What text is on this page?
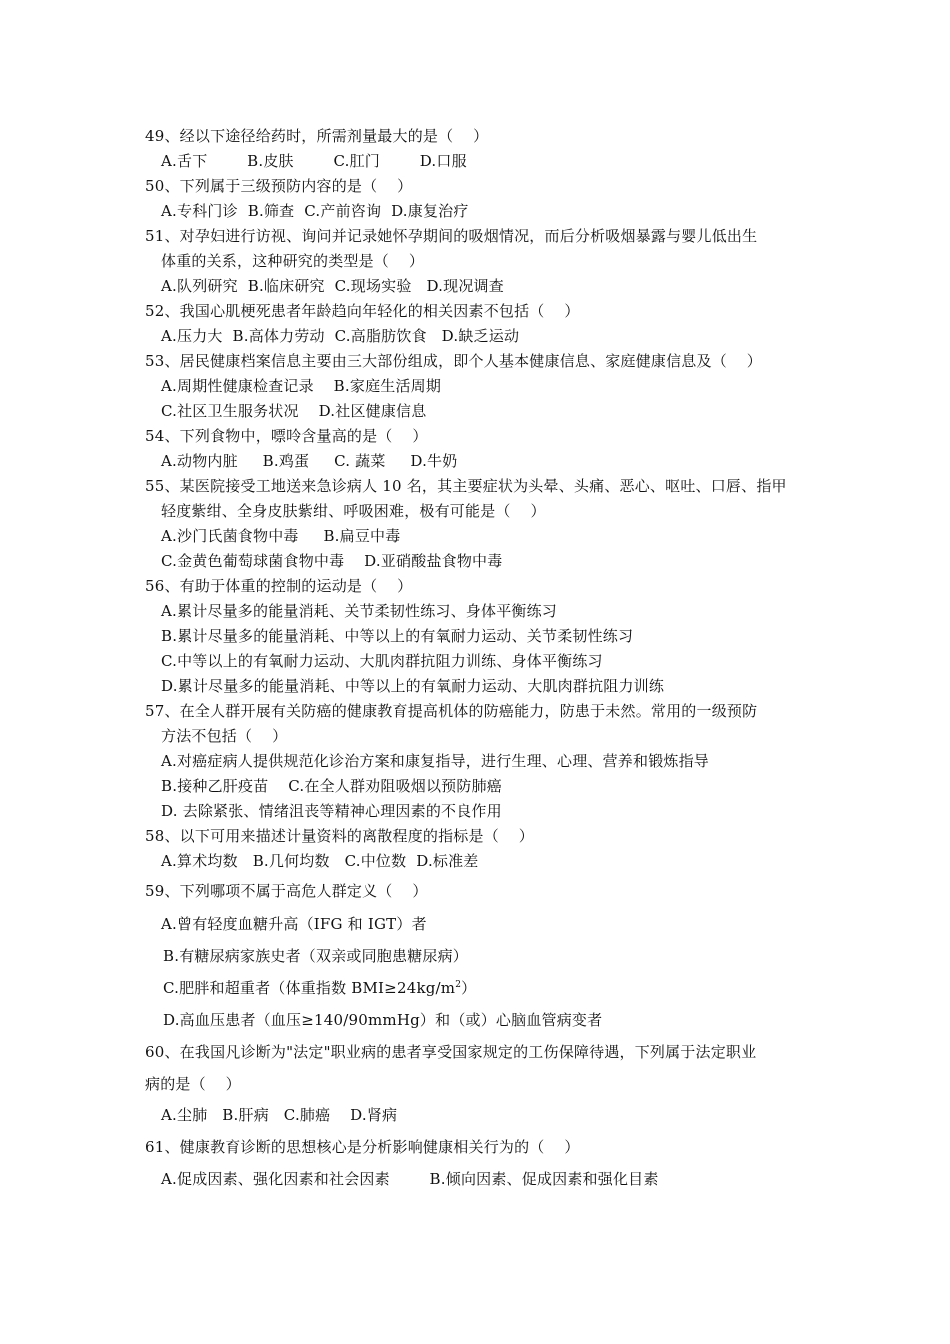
49、经以下途径给药时，所需剂量最大的是（    ）
A.舌下        B.皮肤        C.肛门        D.口服
50、下列属于三级预防内容的是（    ）
A.专科门诊  B.筛查  C.产前咨询  D.康复治疗
51、对孕妇进行访视、询问并记录她怀孕期间的吸烟情况，而后分析吸烟暴露与婴儿低出生
体重的关系，这种研究的类型是（    ）
A.队列研究  B.临床研究  C.现场实验   D.现况调查
52、我国心肌梗死患者年龄趋向年轻化的相关因素不包括（    ）
A.压力大  B.高体力劳动  C.高脂肪饮食   D.缺乏运动
53、居民健康档案信息主要由三大部份组成，即个人基本健康信息、家庭健康信息及（    ）
A.周期性健康检查记录    B.家庭生活周期
C.社区卫生服务状况    D.社区健康信息
54、下列食物中，嘌呤含量高的是（    ）
A.动物内脏     B.鸡蛋     C. 蔬菜     D.牛奶
55、某医院接受工地送来急诊病人 10 名，其主要症状为头晕、头痛、恶心、呕吐、口唇、指甲
轻度紫绀、全身皮肤紫绀、呼吸困难，极有可能是（    ）
A.沙门氏菌食物中毒     B.扁豆中毒
C.金黄色葡萄球菌食物中毒    D.亚硝酸盐食物中毒
56、有助于体重的控制的运动是（    ）
A.累计尽量多的能量消耗、关节柔韧性练习、身体平衡练习
B.累计尽量多的能量消耗、中等以上的有氧耐力运动、关节柔韧性练习
C.中等以上的有氧耐力运动、大肌肉群抗阻力训练、身体平衡练习
D.累计尽量多的能量消耗、中等以上的有氧耐力运动、大肌肉群抗阻力训练
57、在全人群开展有关防癌的健康教育提高机体的防癌能力，防患于未然。常用的一级预防
方法不包括（    ）
A.对癌症病人提供规范化诊治方案和康复指导，进行生理、心理、营养和锻炼指导
B.接种乙肝疫苗    C.在全人群劝阻吸烟以预防肺癌
D. 去除紧张、情绪沮丧等精神心理因素的不良作用
58、以下可用来描述计量资料的离散程度的指标是（    ）
A.算术均数   B.几何均数   C.中位数  D.标准差
59、下列哪项不属于高危人群定义（    ）
A.曾有轻度血糖升高（IFG 和 IGT）者
B.有糖尿病家族史者（双亲或同胞患糖尿病）
C.肥胖和超重者（体重指数 $BMI\ge 24kg/m^2$）
D.高血压患者（血压≥140/90mmHg）和（或）心脑血管病变者
60、在我国凡诊断为"法定"职业病的患者享受国家规定的工伤保障待遇，下列属于法定职业
病的是（    ）
A.尘肺   B.肝病   C.肺癌    D.肾病
61、健康教育诊断的思想核心是分析影响健康相关行为的（    ）
A.促成因素、强化因素和社会因素        B.倾向因素、促成因素和强化目素
